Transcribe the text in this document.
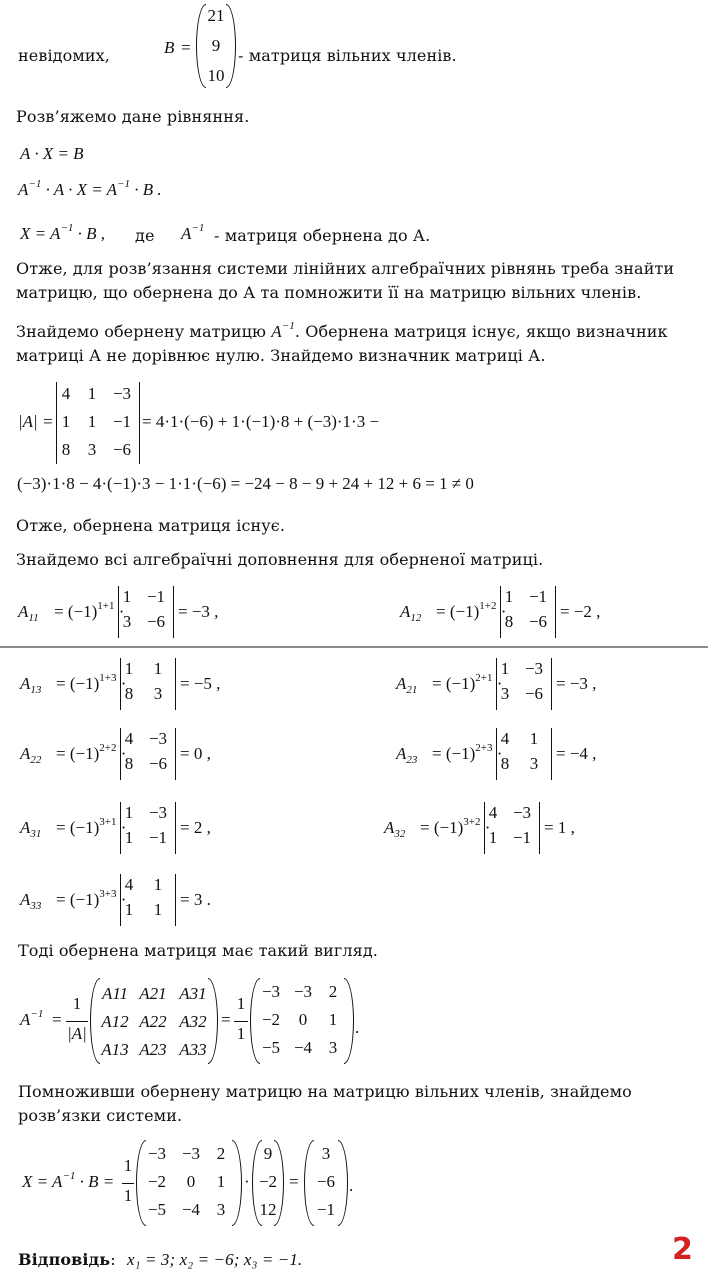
невідомих,	B =
21
9
10
- матриця вільних членів.
Розв’яжемо дане рівняння.
A · X = B
$A^{-1} \cdot A \cdot X = A^{-1} \cdot B$ .
$X = A^{-1} \cdot B$ , де $A^{-1}$ - матриця обернена до А.
Отже, для розв’язання системи лінійних алгебраїчних рівнянь треба знайти
матрицю, що обернена до А та помножити її на матрицю вільних членів.
Знайдемо обернену матрицю $A^{-1}$. Обернена матриця існує, якщо визначник
матриці А не дорівнює нулю. Знайдемо визначник матриці А.
|A| =
4	1 −3
1	1 −1
8	3 −6
= 4·1·(−6) + 1·(−1)·8 + (−3)·1·3 −
(−3)·1·8 − 4·(−1)·3 − 1·1·(−6) = −24 − 8 − 9 + 24 + 12 + 6 = 1 ≠ 0
Отже, обернена матриця існує.
Знайдемо всі алгебраїчні доповнення для оберненої матриці.
$A_{11} = (-1)^{1+1}$ ·
1 −1
3 −6
= −3 ,	$A_{12} = (-1)^{1+2}$ ·
1 −1
8 −6
= −2 ,
$A_{13} = (-1)^{1+3}$ ·
1	1
8	3
= −5 ,	$A_{21} = (-1)^{2+1}$ ·
1 −3
3 −6
= −3 ,
$A_{22} = (-1)^{2+2}$ ·
4 −3
8 −6
= 0 ,	$A_{23} = (-1)^{2+3}$ ·
4	1
8	3
= −4 ,
$A_{31} = (-1)^{3+1}$ ·
1 −3
1 −1
= 2 ,	$A_{32} = (-1)^{3+2}$ ·
4 −3
1 −1
= 1 ,
$A_{33} = (-1)^{3+3}$ ·
4	1
1	1
= 3 .
Тоді обернена матриця має такий вигляд.
$A^{-1}$ =
1
|A|
A11 A21 A31
A12 A22 A32
A13 A23 A33
=
1
1
−3 −3 2
−2	0	1
−5 −4 3
.
Помноживши обернену матрицю на матрицю вільних членів, знайдемо
розв’язки системи.
$X = A^{-1} \cdot B$ =
1
1
−3 −3 2
−2	0	1
−5 −4 3
·
9
−2
12
=
3
−6
−1
.
Відповідь: x₁ = 3; x₂ = −6; x₃ = −1.	2
